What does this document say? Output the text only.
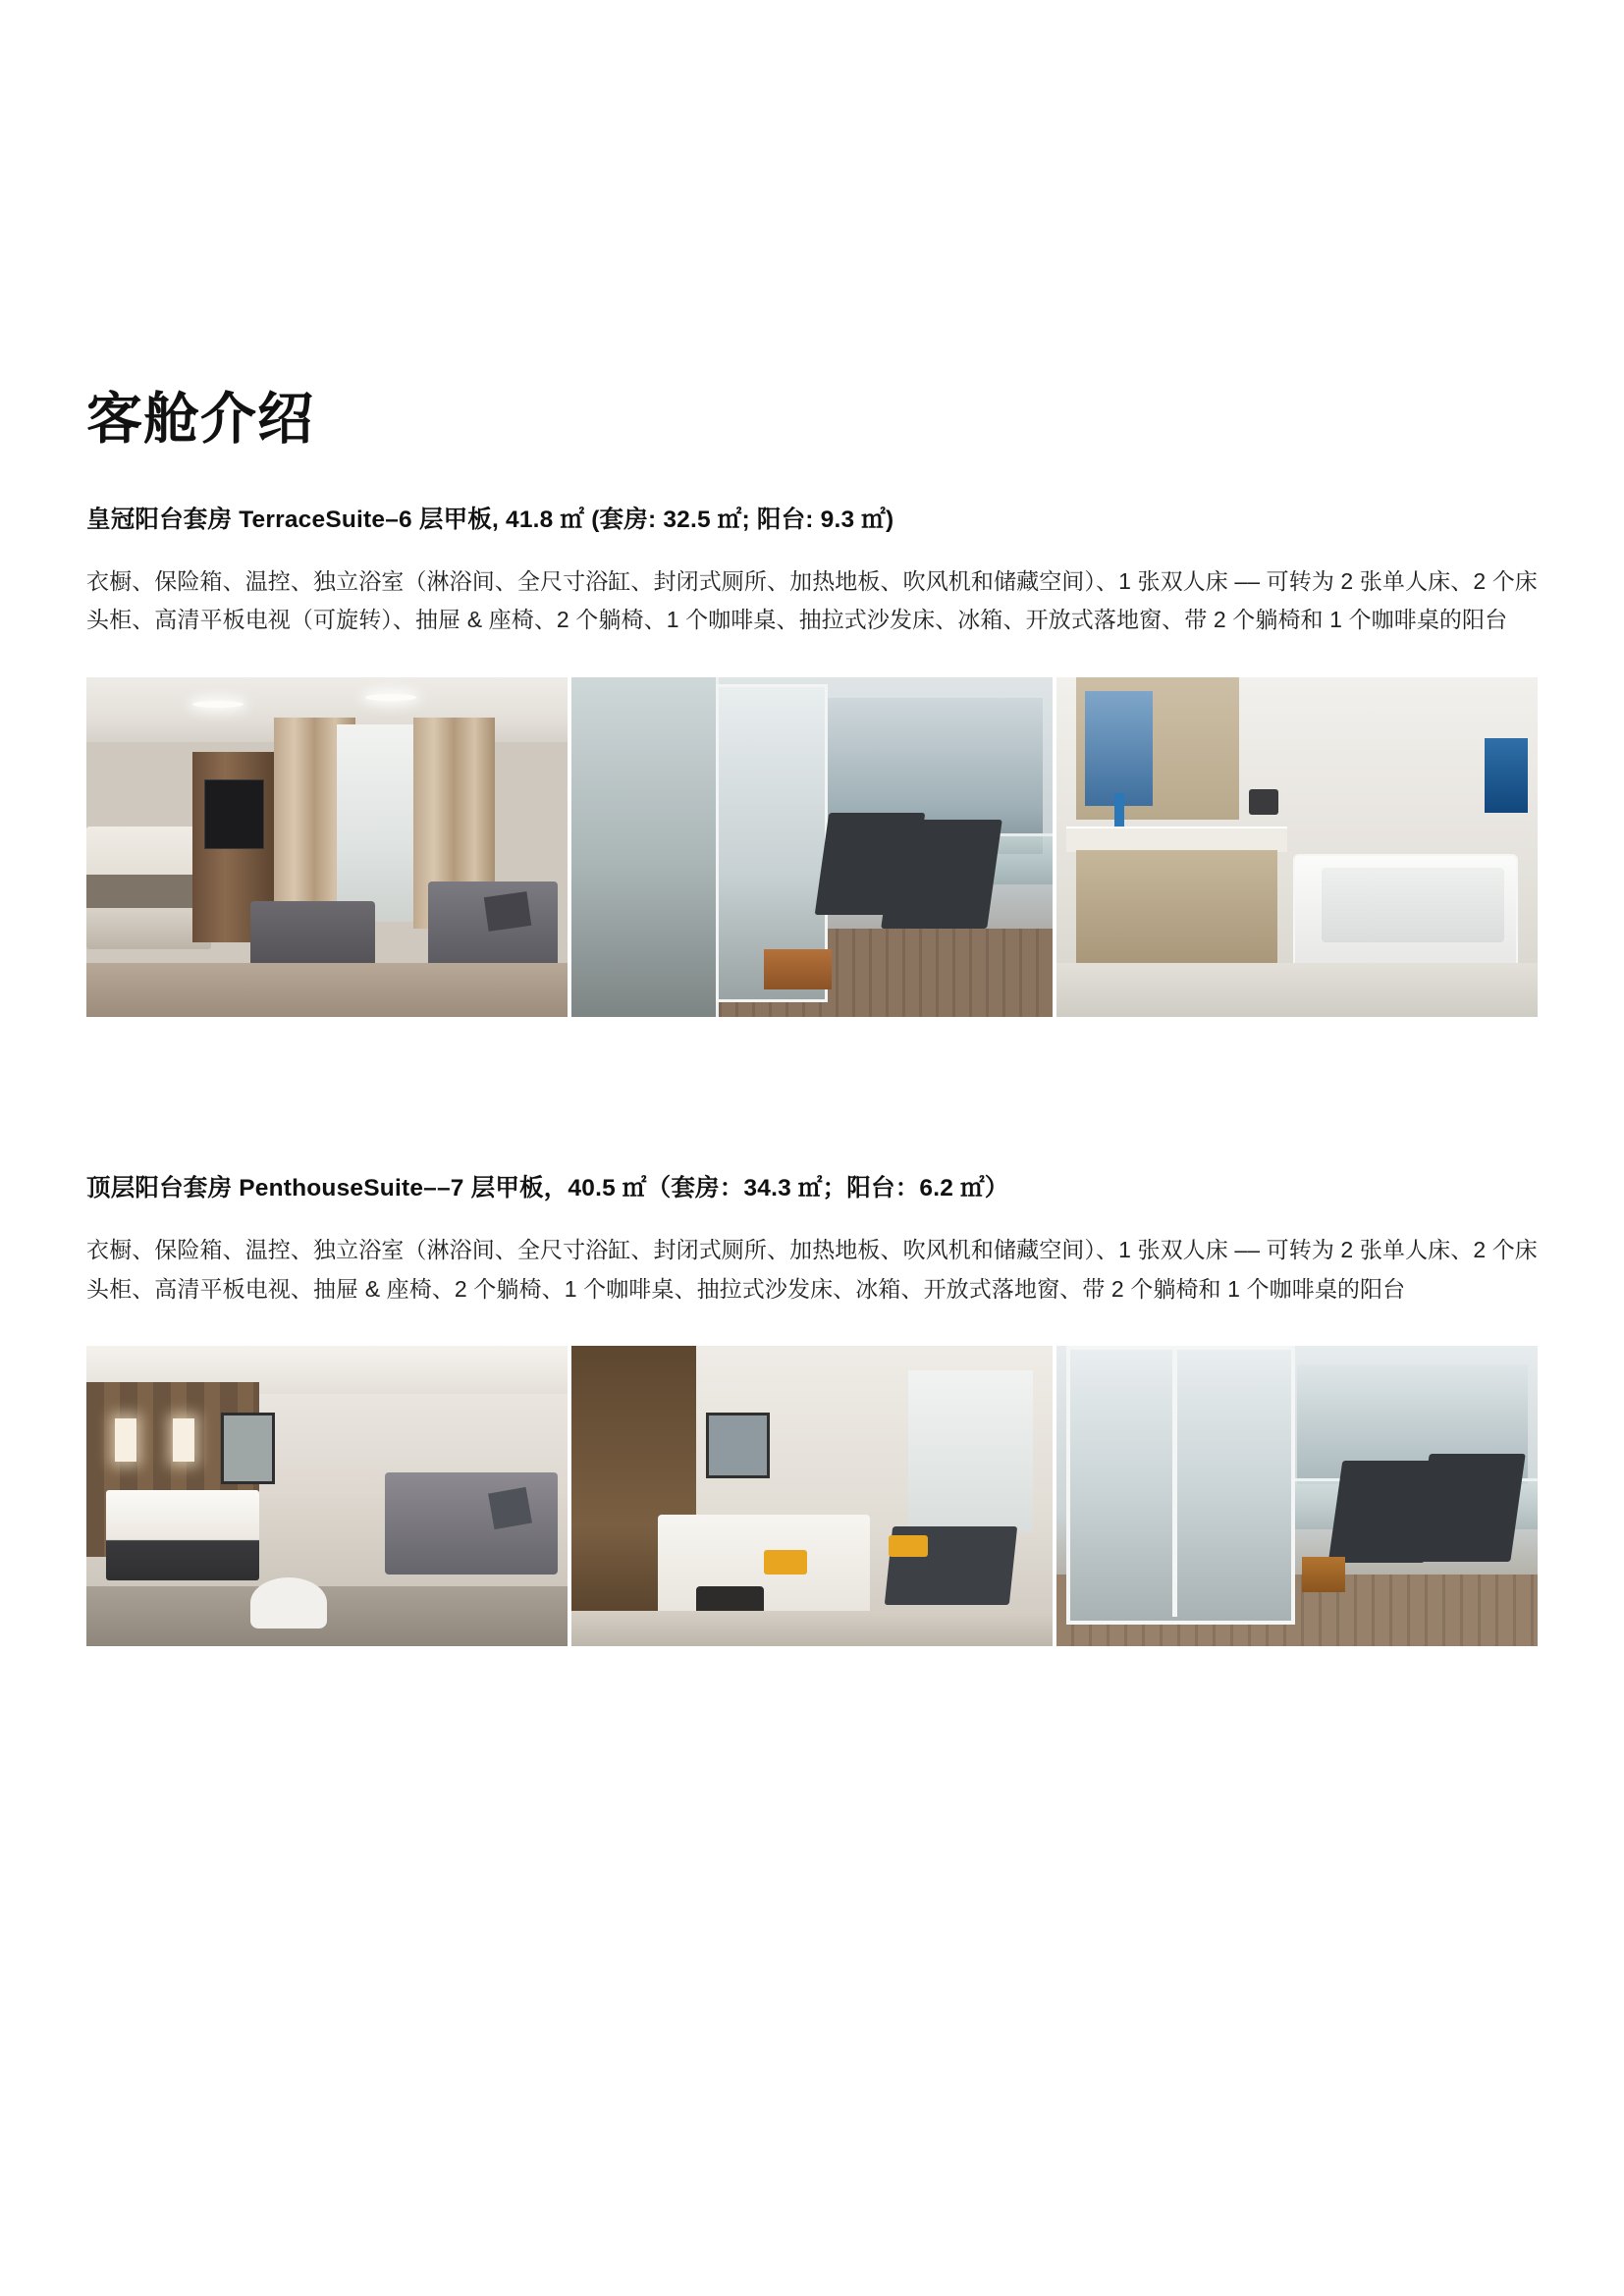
客舱介绍
皇冠阳台套房 TerraceSuite–6 层甲板, 41.8 ㎡ (套房: 32.5 ㎡; 阳台: 9.3 ㎡)

衣橱、保险箱、温控、独立浴室（淋浴间、全尺寸浴缸、封闭式厕所、加热地板、吹风机和储藏空间）、1 张双人床 –– 可转为 2 张单人床、2 个床头柜、高清平板电视（可旋转）、抽屉 & 座椅、2 个躺椅、1 个咖啡桌、抽拉式沙发床、冰箱、开放式落地窗、带 2 个躺椅和 1 个咖啡桌的阳台

顶层阳台套房 PenthouseSuite––7 层甲板，40.5 ㎡（套房：34.3 ㎡；阳台：6.2 ㎡）

衣橱、保险箱、温控、独立浴室（淋浴间、全尺寸浴缸、封闭式厕所、加热地板、吹风机和储藏空间）、1 张双人床 –– 可转为 2 张单人床、2 个床头柜、高清平板电视、抽屉 & 座椅、2 个躺椅、1 个咖啡桌、抽拉式沙发床、冰箱、开放式落地窗、带 2 个躺椅和 1 个咖啡桌的阳台
